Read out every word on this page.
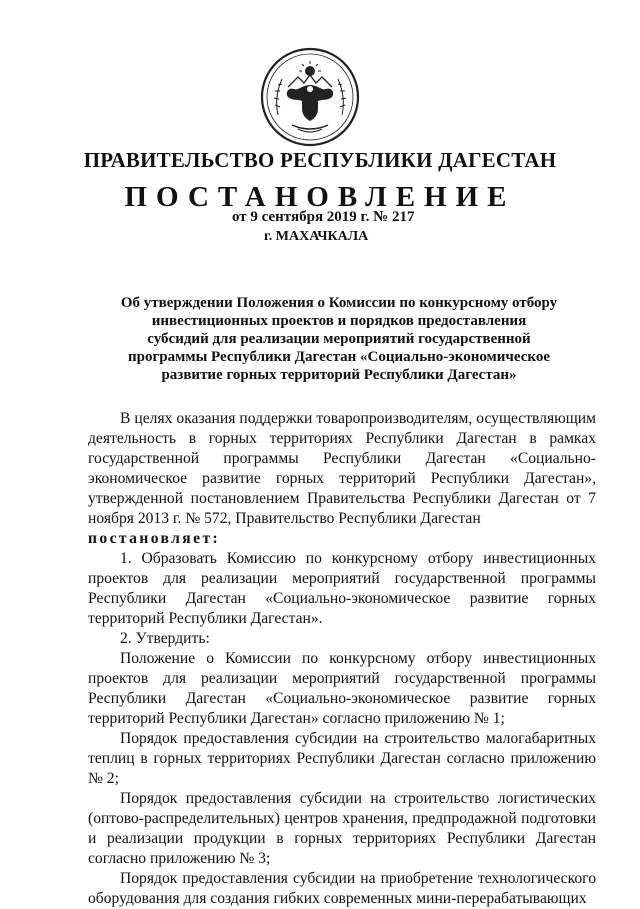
ПРАВИТЕЛЬСТВО РЕСПУБЛИКИ ДАГЕСТАН
ПОСТАНОВЛЕНИЕ
от 9 сентября 2019 г. № 217
г. МАХАЧКАЛА
Об утверждении Положения о Комиссии по конкурсному отбору инвестиционных проектов и порядков предоставления субсидий для реализации мероприятий государственной программы Республики Дагестан «Социально-экономическое развитие горных территорий Республики Дагестан»

В целях оказания поддержки товаропроизводителям, осуществляющим деятельность в горных территориях Республики Дагестан в рамках государственной программы Республики Дагестан «Социально-экономическое развитие горных территорий Республики Дагестан», утвержденной постановлением Правительства Республики Дагестан от 7 ноября 2013 г. № 572, Правительство Республики Дагестан

постановляет:

1. Образовать Комиссию по конкурсному отбору инвестиционных проектов для реализации мероприятий государственной программы Республики Дагестан «Социально-экономическое развитие горных территорий Республики Дагестан».

2. Утвердить:

Положение о Комиссии по конкурсному отбору инвестиционных проектов для реализации мероприятий государственной программы Республики Дагестан «Социально-экономическое развитие горных территорий Республики Дагестан» согласно приложению № 1;

Порядок предоставления субсидии на строительство малогабаритных теплиц в горных территориях Республики Дагестан согласно приложению № 2;

Порядок предоставления субсидии на строительство логистических (оптово-распределительных) центров хранения, предпродажной подготовки и реализации продукции в горных территориях Республики Дагестан согласно приложению № 3;

Порядок предоставления субсидии на приобретение технологического оборудования для создания гибких современных мини-перерабатывающих
